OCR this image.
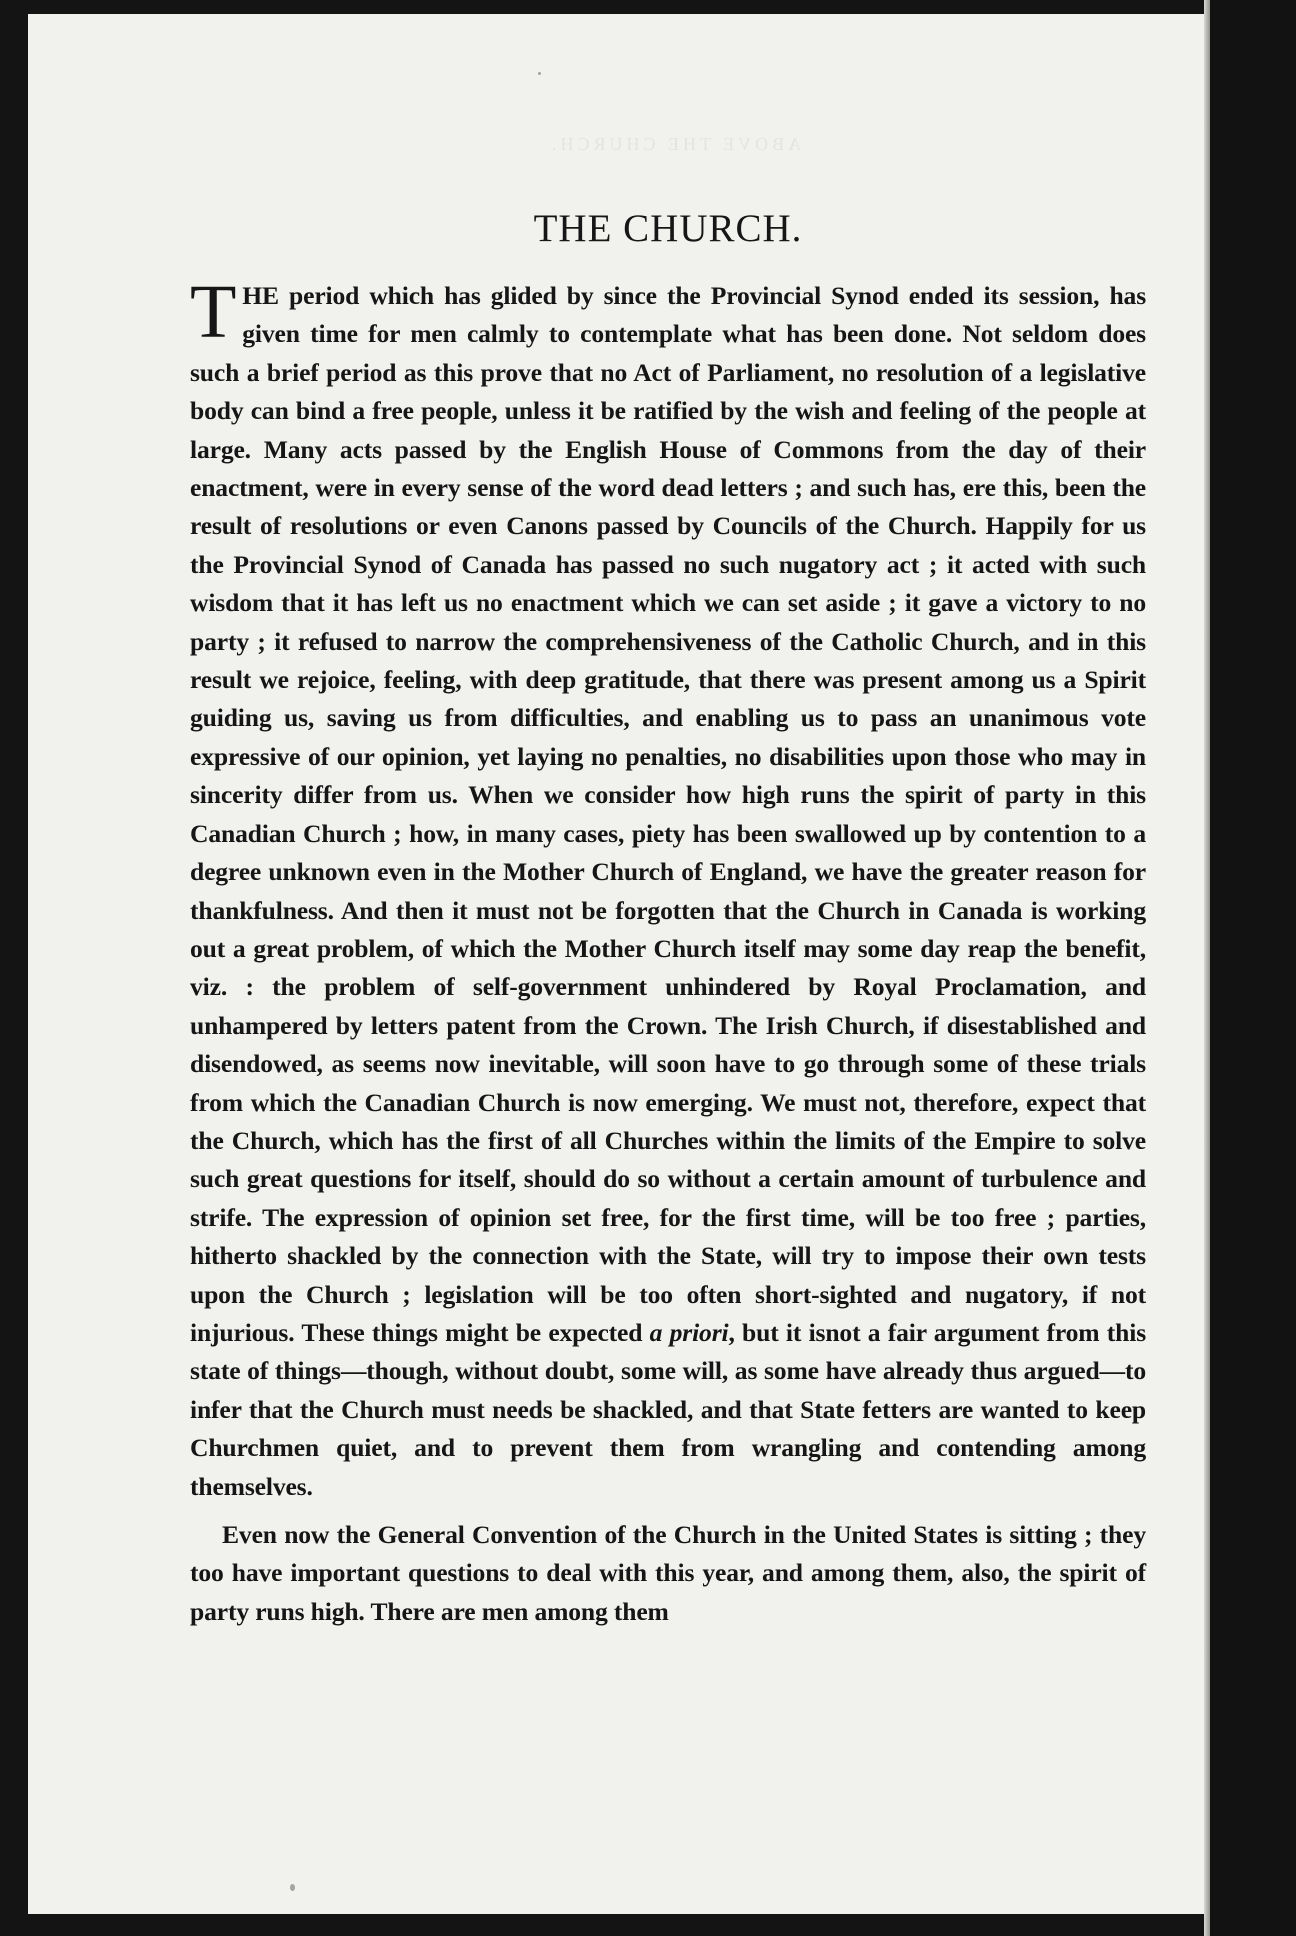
ABOVE THE CHURCH.
THE CHURCH.

THE period which has glided by since the Provincial Synod ended its session, has given time for men calmly to contemplate what has been done. Not seldom does such a brief period as this prove that no Act of Parliament, no resolution of a legislative body can bind a free people, unless it be ratified by the wish and feeling of the people at large. Many acts passed by the English House of Commons from the day of their enactment, were in every sense of the word dead letters ; and such has, ere this, been the result of resolutions or even Canons passed by Councils of the Church. Happily for us the Provincial Synod of Canada has passed no such nugatory act ; it acted with such wisdom that it has left us no enactment which we can set aside ; it gave a victory to no party ; it refused to narrow the comprehensiveness of the Catholic Church, and in this result we rejoice, feeling, with deep gratitude, that there was present among us a Spirit guiding us, saving us from difficulties, and enabling us to pass an unanimous vote expressive of our opinion, yet laying no penalties, no disabilities upon those who may in sincerity differ from us. When we consider how high runs the spirit of party in this Canadian Church ; how, in many cases, piety has been swallowed up by contention to a degree unknown even in the Mother Church of England, we have the greater reason for thankfulness. And then it must not be forgotten that the Church in Canada is working out a great problem, of which the Mother Church itself may some day reap the benefit, viz. : the problem of self-government unhindered by Royal Proclamation, and unhampered by letters patent from the Crown. The Irish Church, if disestablished and disendowed, as seems now inevitable, will soon have to go through some of these trials from which the Canadian Church is now emerging. We must not, therefore, expect that the Church, which has the first of all Churches within the limits of the Empire to solve such great questions for itself, should do so without a certain amount of turbulence and strife. The expression of opinion set free, for the first time, will be too free ; parties, hitherto shackled by the connection with the State, will try to impose their own tests upon the Church ; legislation will be too often short-sighted and nugatory, if not injurious. These things might be expected a priori, but it isnot a fair argument from this state of things—though, without doubt, some will, as some have already thus argued—to infer that the Church must needs be shackled, and that State fetters are wanted to keep Churchmen quiet, and to prevent them from wrangling and contending among themselves.

Even now the General Convention of the Church in the United States is sitting ; they too have important questions to deal with this year, and among them, also, the spirit of party runs high. There are men among them
